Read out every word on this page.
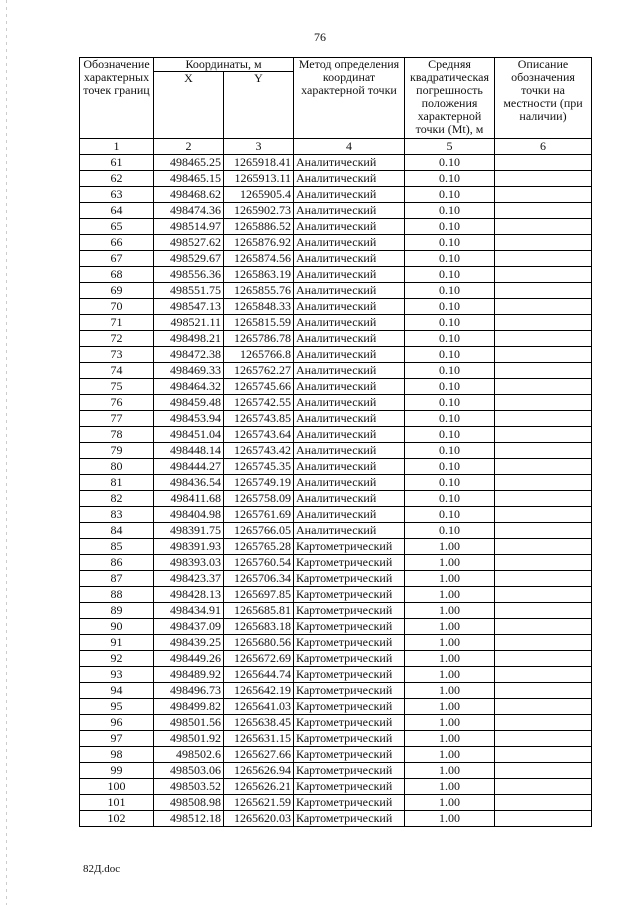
76
Обозначение характерных точек границ	Координаты, м		Метод определения координат характерной точки	Средняя квадратическая погрешность положения характерной точки (Mt), м	Описание обозначения точки на местности (при наличии)
	X	Y			
1	2	3	4	5	6
61	498465.25	1265918.41	Аналитический	0.10	
62	498465.15	1265913.11	Аналитический	0.10	
63	498468.62	1265905.4	Аналитический	0.10	
64	498474.36	1265902.73	Аналитический	0.10	
65	498514.97	1265886.52	Аналитический	0.10	
66	498527.62	1265876.92	Аналитический	0.10	
67	498529.67	1265874.56	Аналитический	0.10	
68	498556.36	1265863.19	Аналитический	0.10	
69	498551.75	1265855.76	Аналитический	0.10	
70	498547.13	1265848.33	Аналитический	0.10	
71	498521.11	1265815.59	Аналитический	0.10	
72	498498.21	1265786.78	Аналитический	0.10	
73	498472.38	1265766.8	Аналитический	0.10	
74	498469.33	1265762.27	Аналитический	0.10	
75	498464.32	1265745.66	Аналитический	0.10	
76	498459.48	1265742.55	Аналитический	0.10	
77	498453.94	1265743.85	Аналитический	0.10	
78	498451.04	1265743.64	Аналитический	0.10	
79	498448.14	1265743.42	Аналитический	0.10	
80	498444.27	1265745.35	Аналитический	0.10	
81	498436.54	1265749.19	Аналитический	0.10	
82	498411.68	1265758.09	Аналитический	0.10	
83	498404.98	1265761.69	Аналитический	0.10	
84	498391.75	1265766.05	Аналитический	0.10	
85	498391.93	1265765.28	Картометрический	1.00	
86	498393.03	1265760.54	Картометрический	1.00	
87	498423.37	1265706.34	Картометрический	1.00	
88	498428.13	1265697.85	Картометрический	1.00	
89	498434.91	1265685.81	Картометрический	1.00	
90	498437.09	1265683.18	Картометрический	1.00	
91	498439.25	1265680.56	Картометрический	1.00	
92	498449.26	1265672.69	Картометрический	1.00	
93	498489.92	1265644.74	Картометрический	1.00	
94	498496.73	1265642.19	Картометрический	1.00	
95	498499.82	1265641.03	Картометрический	1.00	
96	498501.56	1265638.45	Картометрический	1.00	
97	498501.92	1265631.15	Картометрический	1.00	
98	498502.6	1265627.66	Картометрический	1.00	
99	498503.06	1265626.94	Картометрический	1.00	
100	498503.52	1265626.21	Картометрический	1.00	
101	498508.98	1265621.59	Картометрический	1.00	
102	498512.18	1265620.03	Картометрический	1.00	
82Д.doc
